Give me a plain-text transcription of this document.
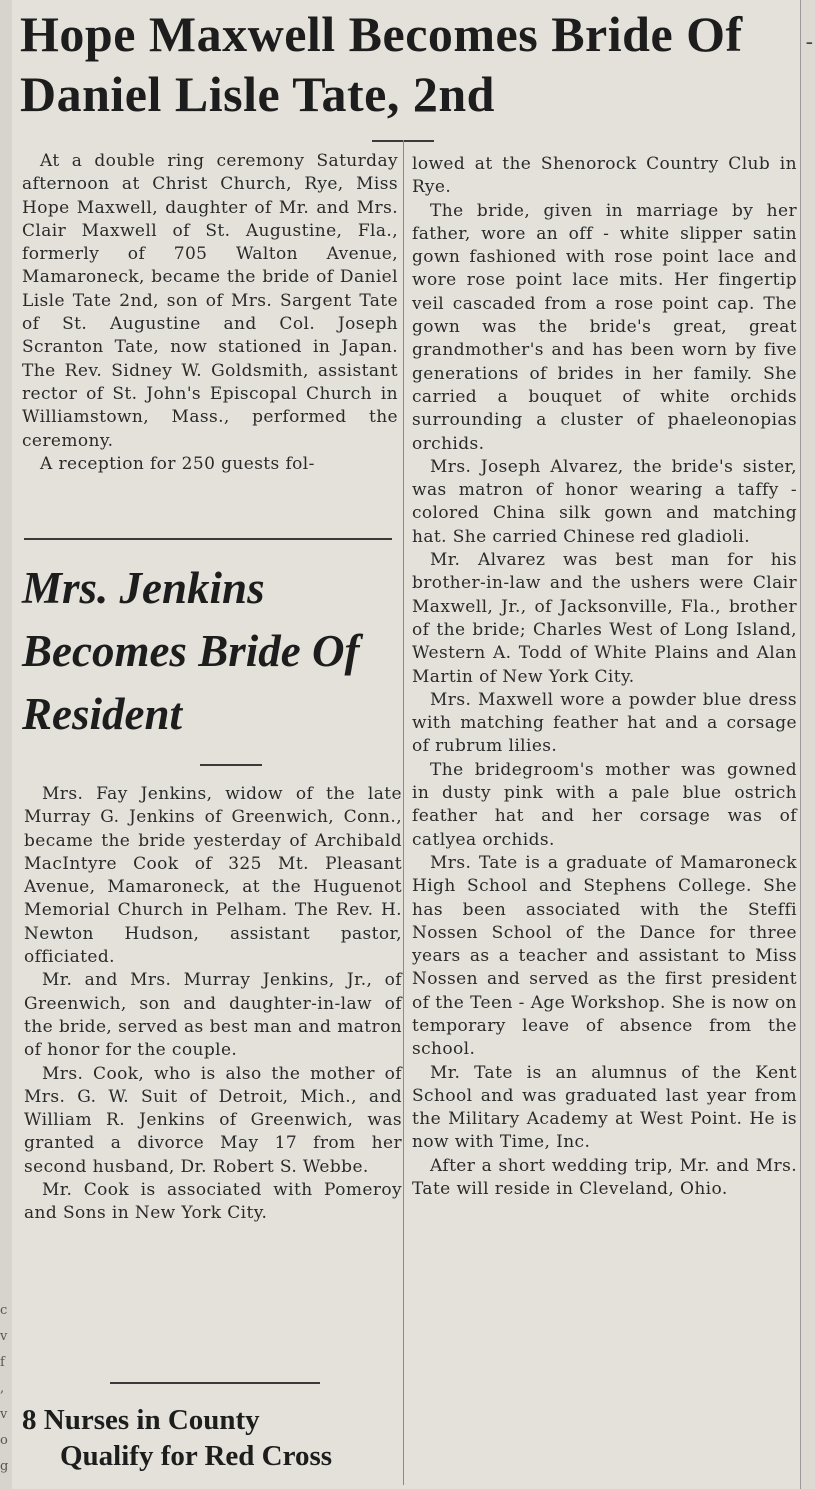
-
c
v
f
,
v
o
g
Hope Maxwell Becomes Bride Of Daniel Lisle Tate, 2nd

At a double ring ceremony Saturday afternoon at Christ Church, Rye, Miss Hope Maxwell, daughter of Mr. and Mrs. Clair Maxwell of St. Augustine, Fla., formerly of 705 Walton Avenue, Mamaroneck, became the bride of Daniel Lisle Tate 2nd, son of Mrs. Sargent Tate of St. Augustine and Col. Joseph Scranton Tate, now stationed in Japan. The Rev. Sidney W. Goldsmith, assistant rector of St. John's Episcopal Church in Williamstown, Mass., performed the ceremony.

A reception for 250 guests fol-

Mrs. Jenkins Becomes Bride Of Resident

Mrs. Fay Jenkins, widow of the late Murray G. Jenkins of Greenwich, Conn., became the bride yesterday of Archibald MacIntyre Cook of 325 Mt. Pleasant Avenue, Mamaroneck, at the Huguenot Memorial Church in Pelham. The Rev. H. Newton Hudson, assistant pastor, officiated.

Mr. and Mrs. Murray Jenkins, Jr., of Greenwich, son and daughter-in-law of the bride, served as best man and matron of honor for the couple.

Mrs. Cook, who is also the mother of Mrs. G. W. Suit of Detroit, Mich., and William R. Jenkins of Greenwich, was granted a divorce May 17 from her second husband, Dr. Robert S. Webbe.

Mr. Cook is associated with Pomeroy and Sons in New York City.

8 Nurses in County
Qualify for Red Cross

lowed at the Shenorock Country Club in Rye.

The bride, given in marriage by her father, wore an off - white slipper satin gown fashioned with rose point lace and wore rose point lace mits. Her fingertip veil cascaded from a rose point cap. The gown was the bride's great, great grandmother's and has been worn by five generations of brides in her family. She carried a bouquet of white orchids surrounding a cluster of phaeleonopias orchids.

Mrs. Joseph Alvarez, the bride's sister, was matron of honor wearing a taffy - colored China silk gown and matching hat. She carried Chinese red gladioli.

Mr. Alvarez was best man for his brother-in-law and the ushers were Clair Maxwell, Jr., of Jacksonville, Fla., brother of the bride; Charles West of Long Island, Western A. Todd of White Plains and Alan Martin of New York City.

Mrs. Maxwell wore a powder blue dress with matching feather hat and a corsage of rubrum lilies.

The bridegroom's mother was gowned in dusty pink with a pale blue ostrich feather hat and her corsage was of catlyea orchids.

Mrs. Tate is a graduate of Mamaroneck High School and Stephens College. She has been associated with the Steffi Nossen School of the Dance for three years as a teacher and assistant to Miss Nossen and served as the first president of the Teen - Age Workshop. She is now on temporary leave of absence from the school.

Mr. Tate is an alumnus of the Kent School and was graduated last year from the Military Academy at West Point. He is now with Time, Inc.

After a short wedding trip, Mr. and Mrs. Tate will reside in Cleveland, Ohio.
